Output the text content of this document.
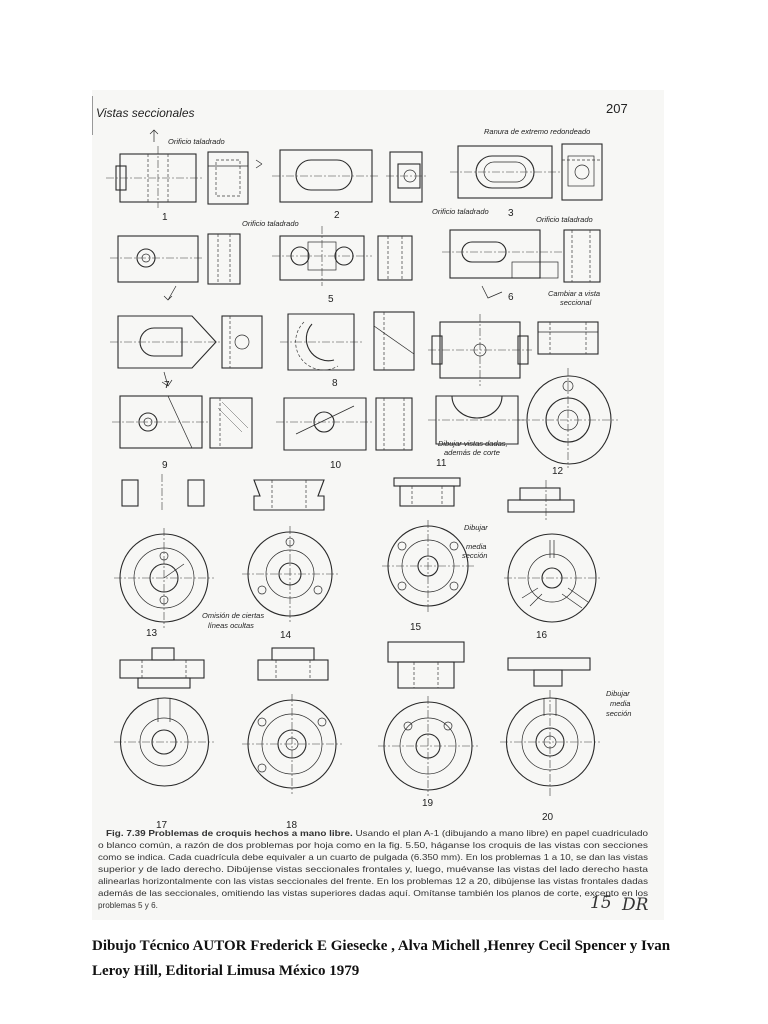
Vistas seccionales	207
Orificio taladrado
Ranura de extremo redondeado
Orificio taladrado
1	2	3
Orificio taladrado	Orificio taladrado
Cambiar a vista
seccional
5	6
7	8
Dibujar vistas dadas,
además de corte
9	10	11
12
Dibujar
media
sección
13	14
15
16
Omisión de ciertas
líneas ocultas
Dibujar
media
sección
17	18
19
20
Fig. 7.39 Problemas de croquis hechos a mano libre.	Usando el plan A-1 (dibujando a mano libre) en papel cuadriculado
o blanco común, a razón de dos problemas por hoja como en la fig. 5.50, háganse los croquis de las vistas con secciones
como se indica. Cada cuadrícula debe equivaler a un cuarto de pulgada (6.350 mm). En los problemas 1 a 10, se dan las vistas
superior y de lado derecho. Dibújense vistas seccionales frontales y, luego, muévanse las vistas del lado derecho hasta
alinearlas horizontalmente con las vistas seccionales del frente. En los problemas 12 a 20, dibújense las vistas frontales dadas
además de las seccionales, omitiendo las vistas superiores dadas aquí. Omítanse también los planos de corte, excepto en los
problemas 5 y 6.	15 DR
Dibujo Técnico AUTOR Frederick E Giesecke , Alva Michell ,Henrey Cecil Spencer y Ivan Leroy Hill, Editorial Limusa México 1979
